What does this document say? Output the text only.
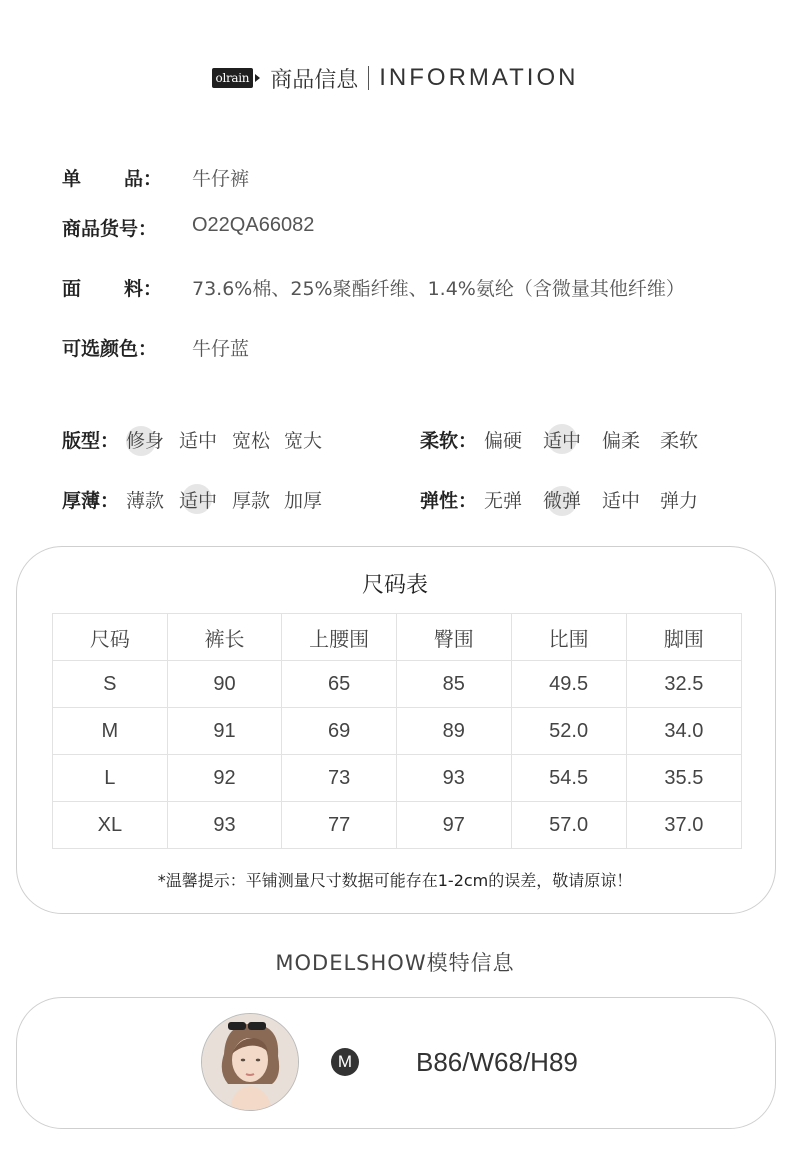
olrain 商品信息 INFORMATION
单 品： 牛仔裤
商品货号： O22QA66082
面 料： 73.6%棉、25%聚酯纤维、1.4%氨纶（含微量其他纤维）
可选颜色： 牛仔蓝
版型： 修身 适中 宽松 宽大	柔软： 偏硬 适中 偏柔 柔软
厚薄： 薄款 适中 厚款 加厚	弹性： 无弹 微弹 适中 弹力
尺码表
尺码	裤长	上腰围	臀围	比围	脚围
S	90	65	85	49.5	32.5
M	91	69	89	52.0	34.0
L	92	73	93	54.5	35.5
XL	93	77	97	57.0	37.0
*温馨提示：平铺测量尺寸数据可能存在1-2cm的误差，敬请原谅！
MODELSHOW模特信息
M B86/W68/H89
